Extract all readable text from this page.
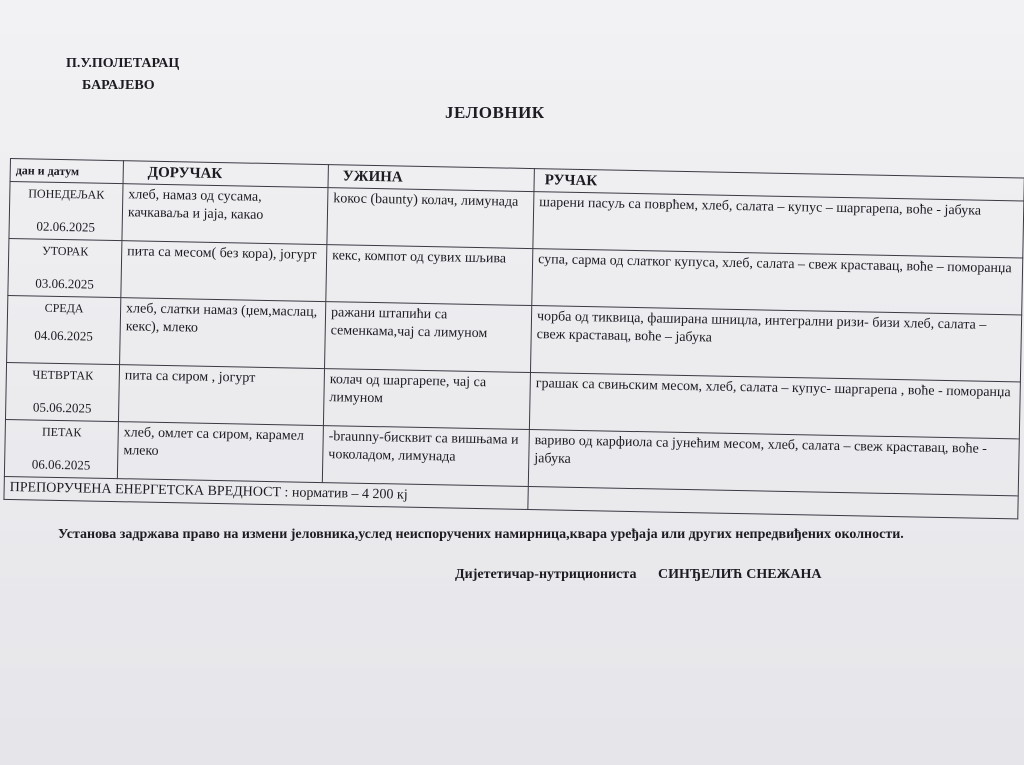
П.У.ПОЛЕТАРАЦ
БАРАЈЕВО
ЈЕЛОВНИК
дан и датум	ДОРУЧАК	УЖИНА	РУЧАК

ПОНЕДЕЉАК
02.06.2025	хлеб, намаз од сусама, качкаваља и јаја, какао	kокос (baunty) колач, лимунада	шарени пасуљ са поврћем, хлеб, салата – купус – шаргарепа, воће - јабука

УТОРАК
03.06.2025	пита са месом( без кора), јогурт	кекс, компот од сувих шљива	супа, сарма од слатког купуса, хлеб, салата – свеж краставац, воће – поморанџа

СРЕДА
04.06.2025	хлеб, слатки намаз (џем,маслац, кекс), млеко	ражани штапићи са семенкама,чај са лимуном	чорба од тиквица, фаширана шницла, интегрални ризи- бизи хлеб, салата – свеж краставац, воће – јабука

ЧЕТВРТАК
05.06.2025	пита са сиром , јогурт	колач од шаргарепе, чај са лимуном	грашак са свињским месом, хлеб, салата – купус- шаргарепа , воће - поморанџа

ПЕТАК
06.06.2025	хлеб, омлет са сиром, карамел млеко	-braunny-бисквит са вишњама и чоколадом, лимунада	вариво од карфиола са јунећим месом, хлеб, салата – свеж краставац, воће - јабука
ПРЕПОРУЧЕНА ЕНЕРГЕТСКА ВРЕДНОСТ : норматив – 4 200 кј			
Установа задржава право на измени јеловника,услед неиспоручених намирница,квара уређаја или других непредвиђених околности.
Дијететичар-нутрициониста СИНЂЕЛИЋ СНЕЖАНА
